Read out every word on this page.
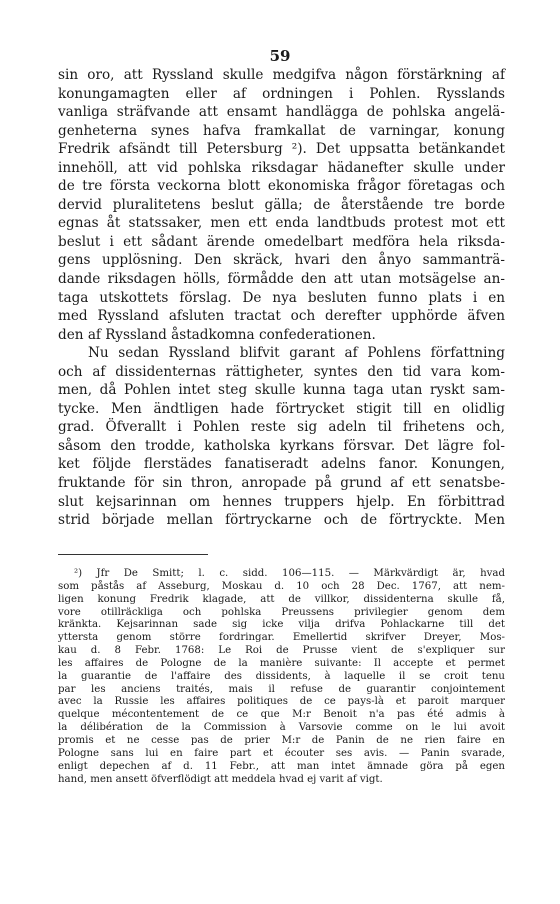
59

sin oro, att Ryssland skulle medgifva någon förstärkning af
konungamagten eller af ordningen i Pohlen. Rysslands
vanliga sträfvande att ensamt handlägga de pohlska angelä-
genheterna synes hafva framkallat de varningar, konung
Fredrik afsändt till Petersburg ²). Det uppsatta betänkandet
innehöll, att vid pohlska riksdagar hädanefter skulle under
de tre första veckorna blott ekonomiska frågor företagas och
dervid pluralitetens beslut gälla; de återstående tre borde
egnas åt statssaker, men ett enda landtbuds protest mot ett
beslut i ett sådant ärende omedelbart medföra hela riksda-
gens upplösning. Den skräck, hvari den ånyo sammanträ-
dande riksdagen hölls, förmådde den att utan motsägelse an-
taga utskottets förslag. De nya besluten funno plats i en
med Ryssland afsluten tractat och derefter upphörde äfven
den af Ryssland åstadkomna confederationen.

Nu sedan Ryssland blifvit garant af Pohlens författning
och af dissidenternas rättigheter, syntes den tid vara kom-
men, då Pohlen intet steg skulle kunna taga utan ryskt sam-
tycke. Men ändtligen hade förtrycket stigit till en olidlig
grad. Öfverallt i Pohlen reste sig adeln til frihetens och,
såsom den trodde, katholska kyrkans försvar. Det lägre fol-
ket följde flerstädes fanatiseradt adelns fanor. Konungen,
fruktande för sin thron, anropade på grund af ett senatsbe-
slut kejsarinnan om hennes truppers hjelp. En förbittrad
strid började mellan förtryckarne och de förtryckte. Men

²) Jfr De Smitt; l. c. sidd. 106—115. — Märkvärdigt är, hvad
som påstås af Asseburg, Moskau d. 10 och 28 Dec. 1767, att nem-
ligen konung Fredrik klagade, att de villkor, dissidenterna skulle få,
vore otillräckliga och pohlska Preussens privilegier genom dem
kränkta. Kejsarinnan sade sig icke vilja drifva Pohlackarne till det
yttersta genom större fordringar. Emellertid skrifver Dreyer, Mos-
kau d. 8 Febr. 1768: Le Roi de Prusse vient de s'expliquer sur
les affaires de Pologne de la manière suivante: Il accepte et permet
la guarantie de l'affaire des dissidents, à laquelle il se croit tenu
par les anciens traités, mais il refuse de guarantir conjointement
avec la Russie les affaires politiques de ce pays-là et paroit marquer
quelque mécontentement de ce que M:r Benoit n'a pas été admis à
la délibération de la Commission à Varsovie comme on le lui avoit
promis et ne cesse pas de prier M:r de Panin de ne rien faire en
Pologne sans lui en faire part et écouter ses avis. — Panin svarade,
enligt depechen af d. 11 Febr., att man intet ämnade göra på egen
hand, men ansett öfverflödigt att meddela hvad ej varit af vigt.
